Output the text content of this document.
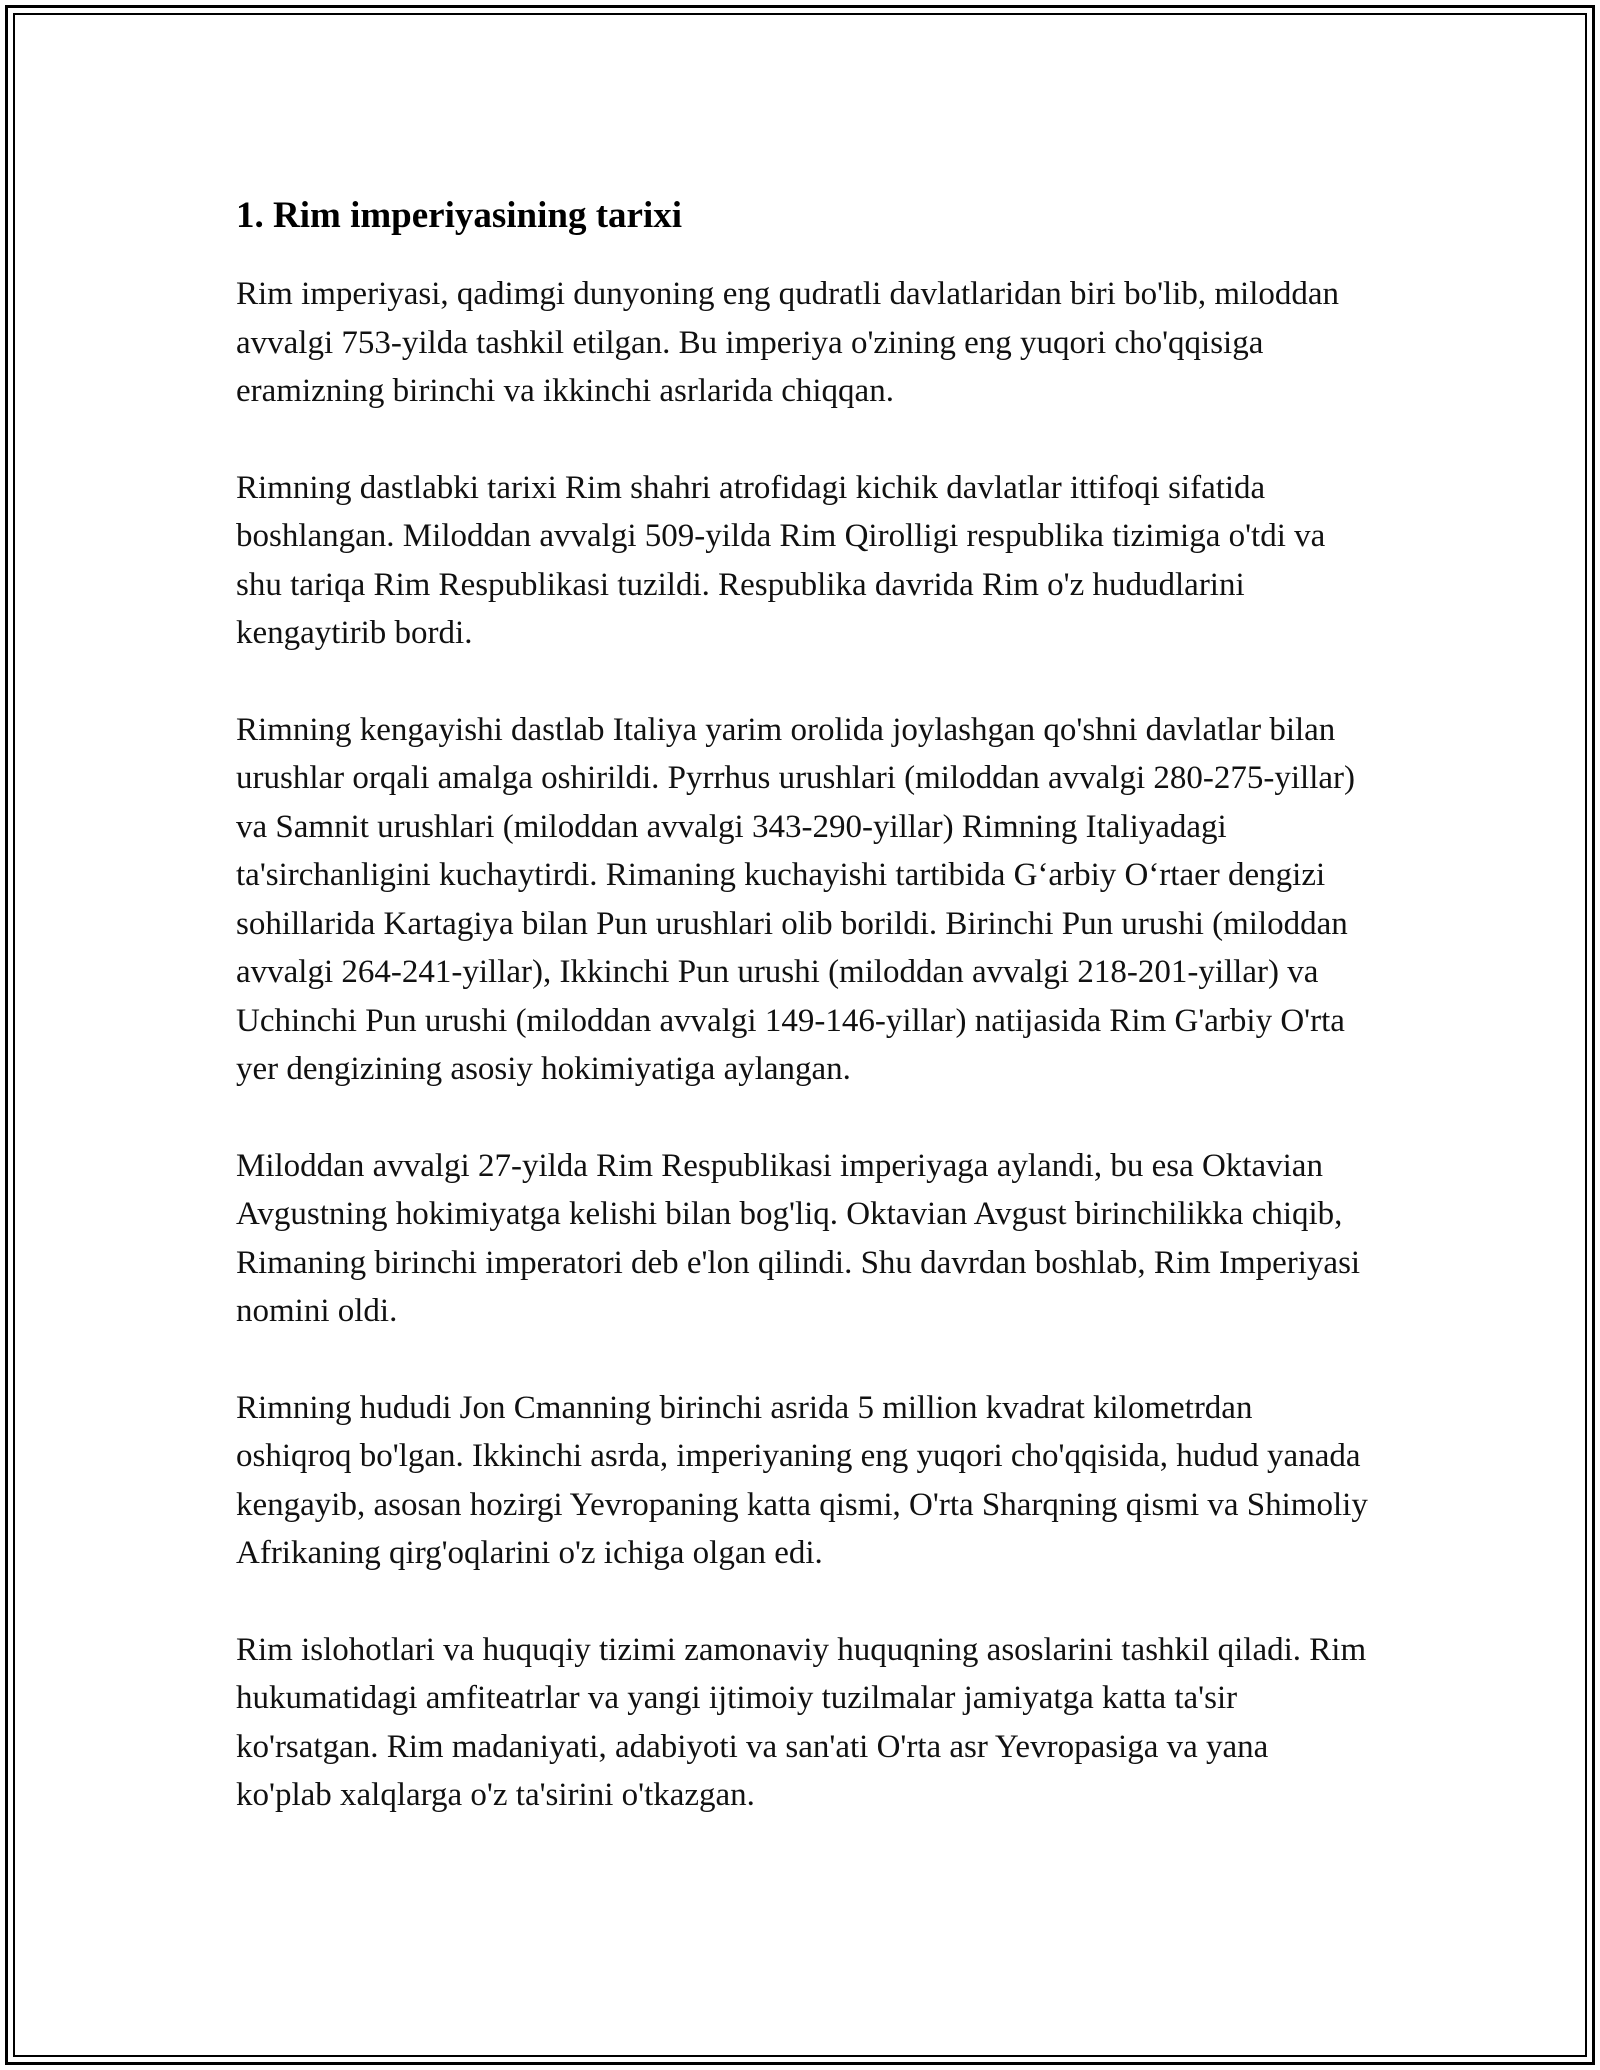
1. Rim imperiyasining tarixi

Rim imperiyasi, qadimgi dunyoning eng qudratli davlatlaridan biri bo'lib, miloddan avvalgi 753-yilda tashkil etilgan. Bu imperiya o'zining eng yuqori cho'qqisiga eramizning birinchi va ikkinchi asrlarida chiqqan.

Rimning dastlabki tarixi Rim shahri atrofidagi kichik davlatlar ittifoqi sifatida boshlangan. Miloddan avvalgi 509-yilda Rim Qirolligi respublika tizimiga o'tdi va shu tariqa Rim Respublikasi tuzildi. Respublika davrida Rim o'z hududlarini kengaytirib bordi.

Rimning kengayishi dastlab Italiya yarim orolida joylashgan qo'shni davlatlar bilan urushlar orqali amalga oshirildi. Pyrrhus urushlari (miloddan avvalgi 280-275-yillar) va Samnit urushlari (miloddan avvalgi 343-290-yillar) Rimning Italiyadagi ta'sirchanligini kuchaytirdi. Rimaning kuchayishi tartibida G‘arbiy O‘rtaer dengizi sohillarida Kartagiya bilan Pun urushlari olib borildi. Birinchi Pun urushi (miloddan avvalgi 264-241-yillar), Ikkinchi Pun urushi (miloddan avvalgi 218-201-yillar) va Uchinchi Pun urushi (miloddan avvalgi 149-146-yillar) natijasida Rim G'arbiy O'rta yer dengizining asosiy hokimiyatiga aylangan.

Miloddan avvalgi 27-yilda Rim Respublikasi imperiyaga aylandi, bu esa Oktavian Avgustning hokimiyatga kelishi bilan bog'liq. Oktavian Avgust birinchilikka chiqib, Rimaning birinchi imperatori deb e'lon qilindi. Shu davrdan boshlab, Rim Imperiyasi nomini oldi.

Rimning hududi Jon Cmanning birinchi asrida 5 million kvadrat kilometrdan oshiqroq bo'lgan. Ikkinchi asrda, imperiyaning eng yuqori cho'qqisida, hudud yanada kengayib, asosan hozirgi Yevropaning katta qismi, O'rta Sharqning qismi va Shimoliy Afrikaning qirg'oqlarini o'z ichiga olgan edi.

Rim islohotlari va huquqiy tizimi zamonaviy huquqning asoslarini tashkil qiladi. Rim hukumatidagi amfiteatrlar va yangi ijtimoiy tuzilmalar jamiyatga katta ta'sir ko'rsatgan. Rim madaniyati, adabiyoti va san'ati O'rta asr Yevropasiga va yana ko'plab xalqlarga o'z ta'sirini o'tkazgan.
